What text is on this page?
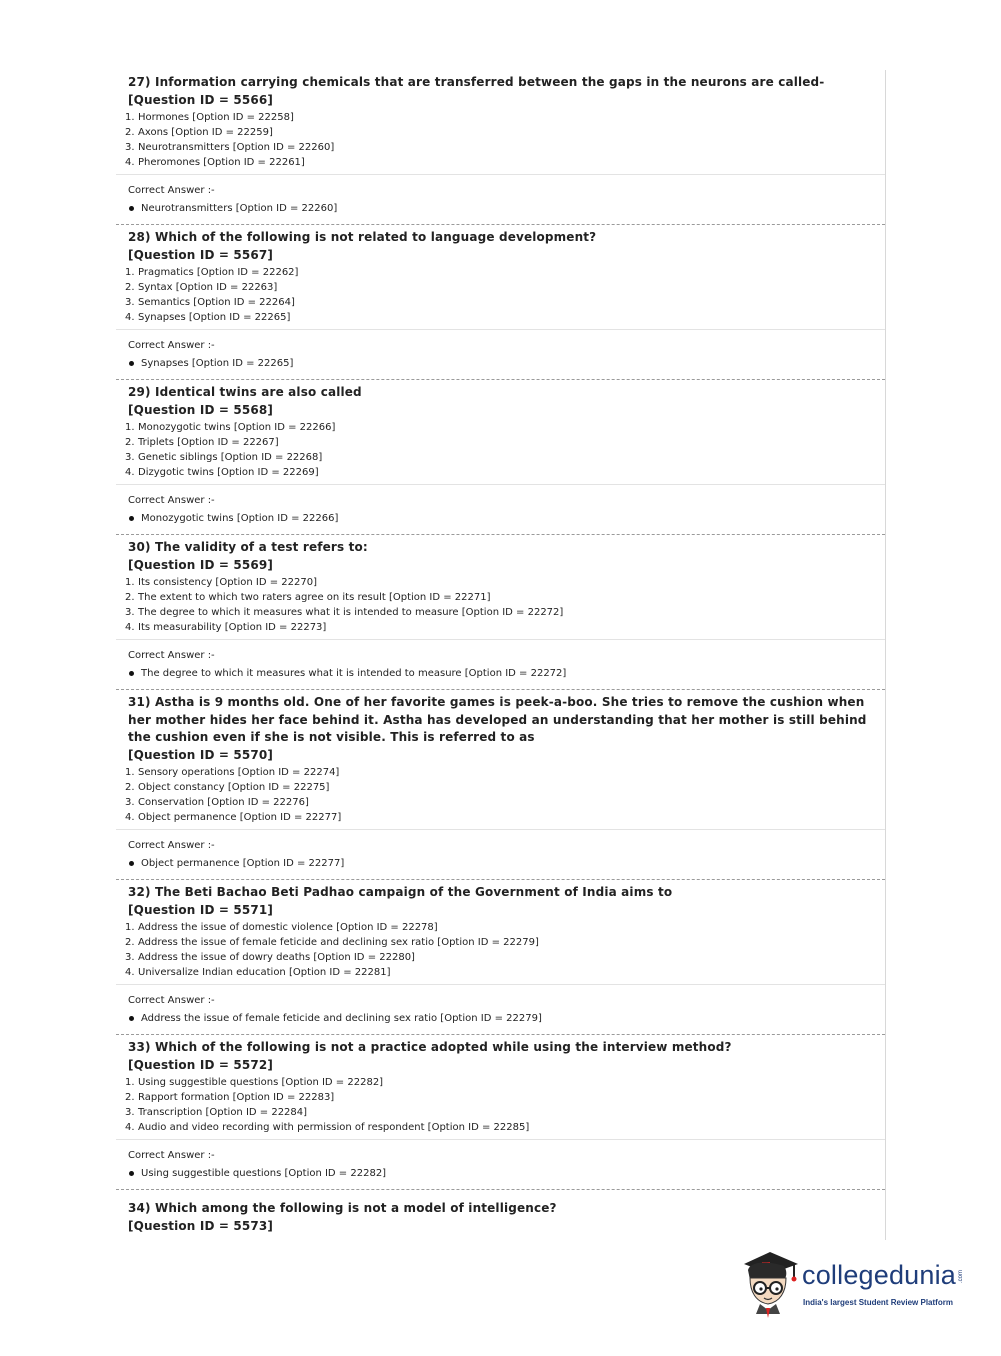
27) Information carrying chemicals that are transferred between the gaps in the neurons are called-
[Question ID = 5566]
1. Hormones [Option ID = 22258]
2. Axons [Option ID = 22259]
3. Neurotransmitters [Option ID = 22260]
4. Pheromones [Option ID = 22261]
Correct Answer :-
Neurotransmitters [Option ID = 22260]
28) Which of the following is not related to language development?
[Question ID = 5567]
1. Pragmatics [Option ID = 22262]
2. Syntax [Option ID = 22263]
3. Semantics [Option ID = 22264]
4. Synapses [Option ID = 22265]
Correct Answer :-
Synapses [Option ID = 22265]
29) Identical twins are also called
[Question ID = 5568]
1. Monozygotic twins [Option ID = 22266]
2. Triplets [Option ID = 22267]
3. Genetic siblings [Option ID = 22268]
4. Dizygotic twins [Option ID = 22269]
Correct Answer :-
Monozygotic twins [Option ID = 22266]
30) The validity of a test refers to:
[Question ID = 5569]
1. Its consistency [Option ID = 22270]
2. The extent to which two raters agree on its result [Option ID = 22271]
3. The degree to which it measures what it is intended to measure [Option ID = 22272]
4. Its measurability [Option ID = 22273]
Correct Answer :-
The degree to which it measures what it is intended to measure [Option ID = 22272]
31) Astha is 9 months old. One of her favorite games is peek-a-boo. She tries to remove the cushion when her mother hides her face behind it. Astha has developed an understanding that her mother is still behind the cushion even if she is not visible. This is referred to as
[Question ID = 5570]
1. Sensory operations [Option ID = 22274]
2. Object constancy [Option ID = 22275]
3. Conservation [Option ID = 22276]
4. Object permanence [Option ID = 22277]
Correct Answer :-
Object permanence [Option ID = 22277]
32) The Beti Bachao Beti Padhao campaign of the Government of India aims to
[Question ID = 5571]
1. Address the issue of domestic violence [Option ID = 22278]
2. Address the issue of female feticide and declining sex ratio [Option ID = 22279]
3. Address the issue of dowry deaths [Option ID = 22280]
4. Universalize Indian education [Option ID = 22281]
Correct Answer :-
Address the issue of female feticide and declining sex ratio [Option ID = 22279]
33) Which of the following is not a practice adopted while using the interview method?
[Question ID = 5572]
1. Using suggestible questions [Option ID = 22282]
2. Rapport formation [Option ID = 22283]
3. Transcription [Option ID = 22284]
4. Audio and video recording with permission of respondent [Option ID = 22285]
Correct Answer :-
Using suggestible questions [Option ID = 22282]
34) Which among the following is not a model of intelligence?
[Question ID = 5573]
collegedunia .com
India's largest Student Review Platform
